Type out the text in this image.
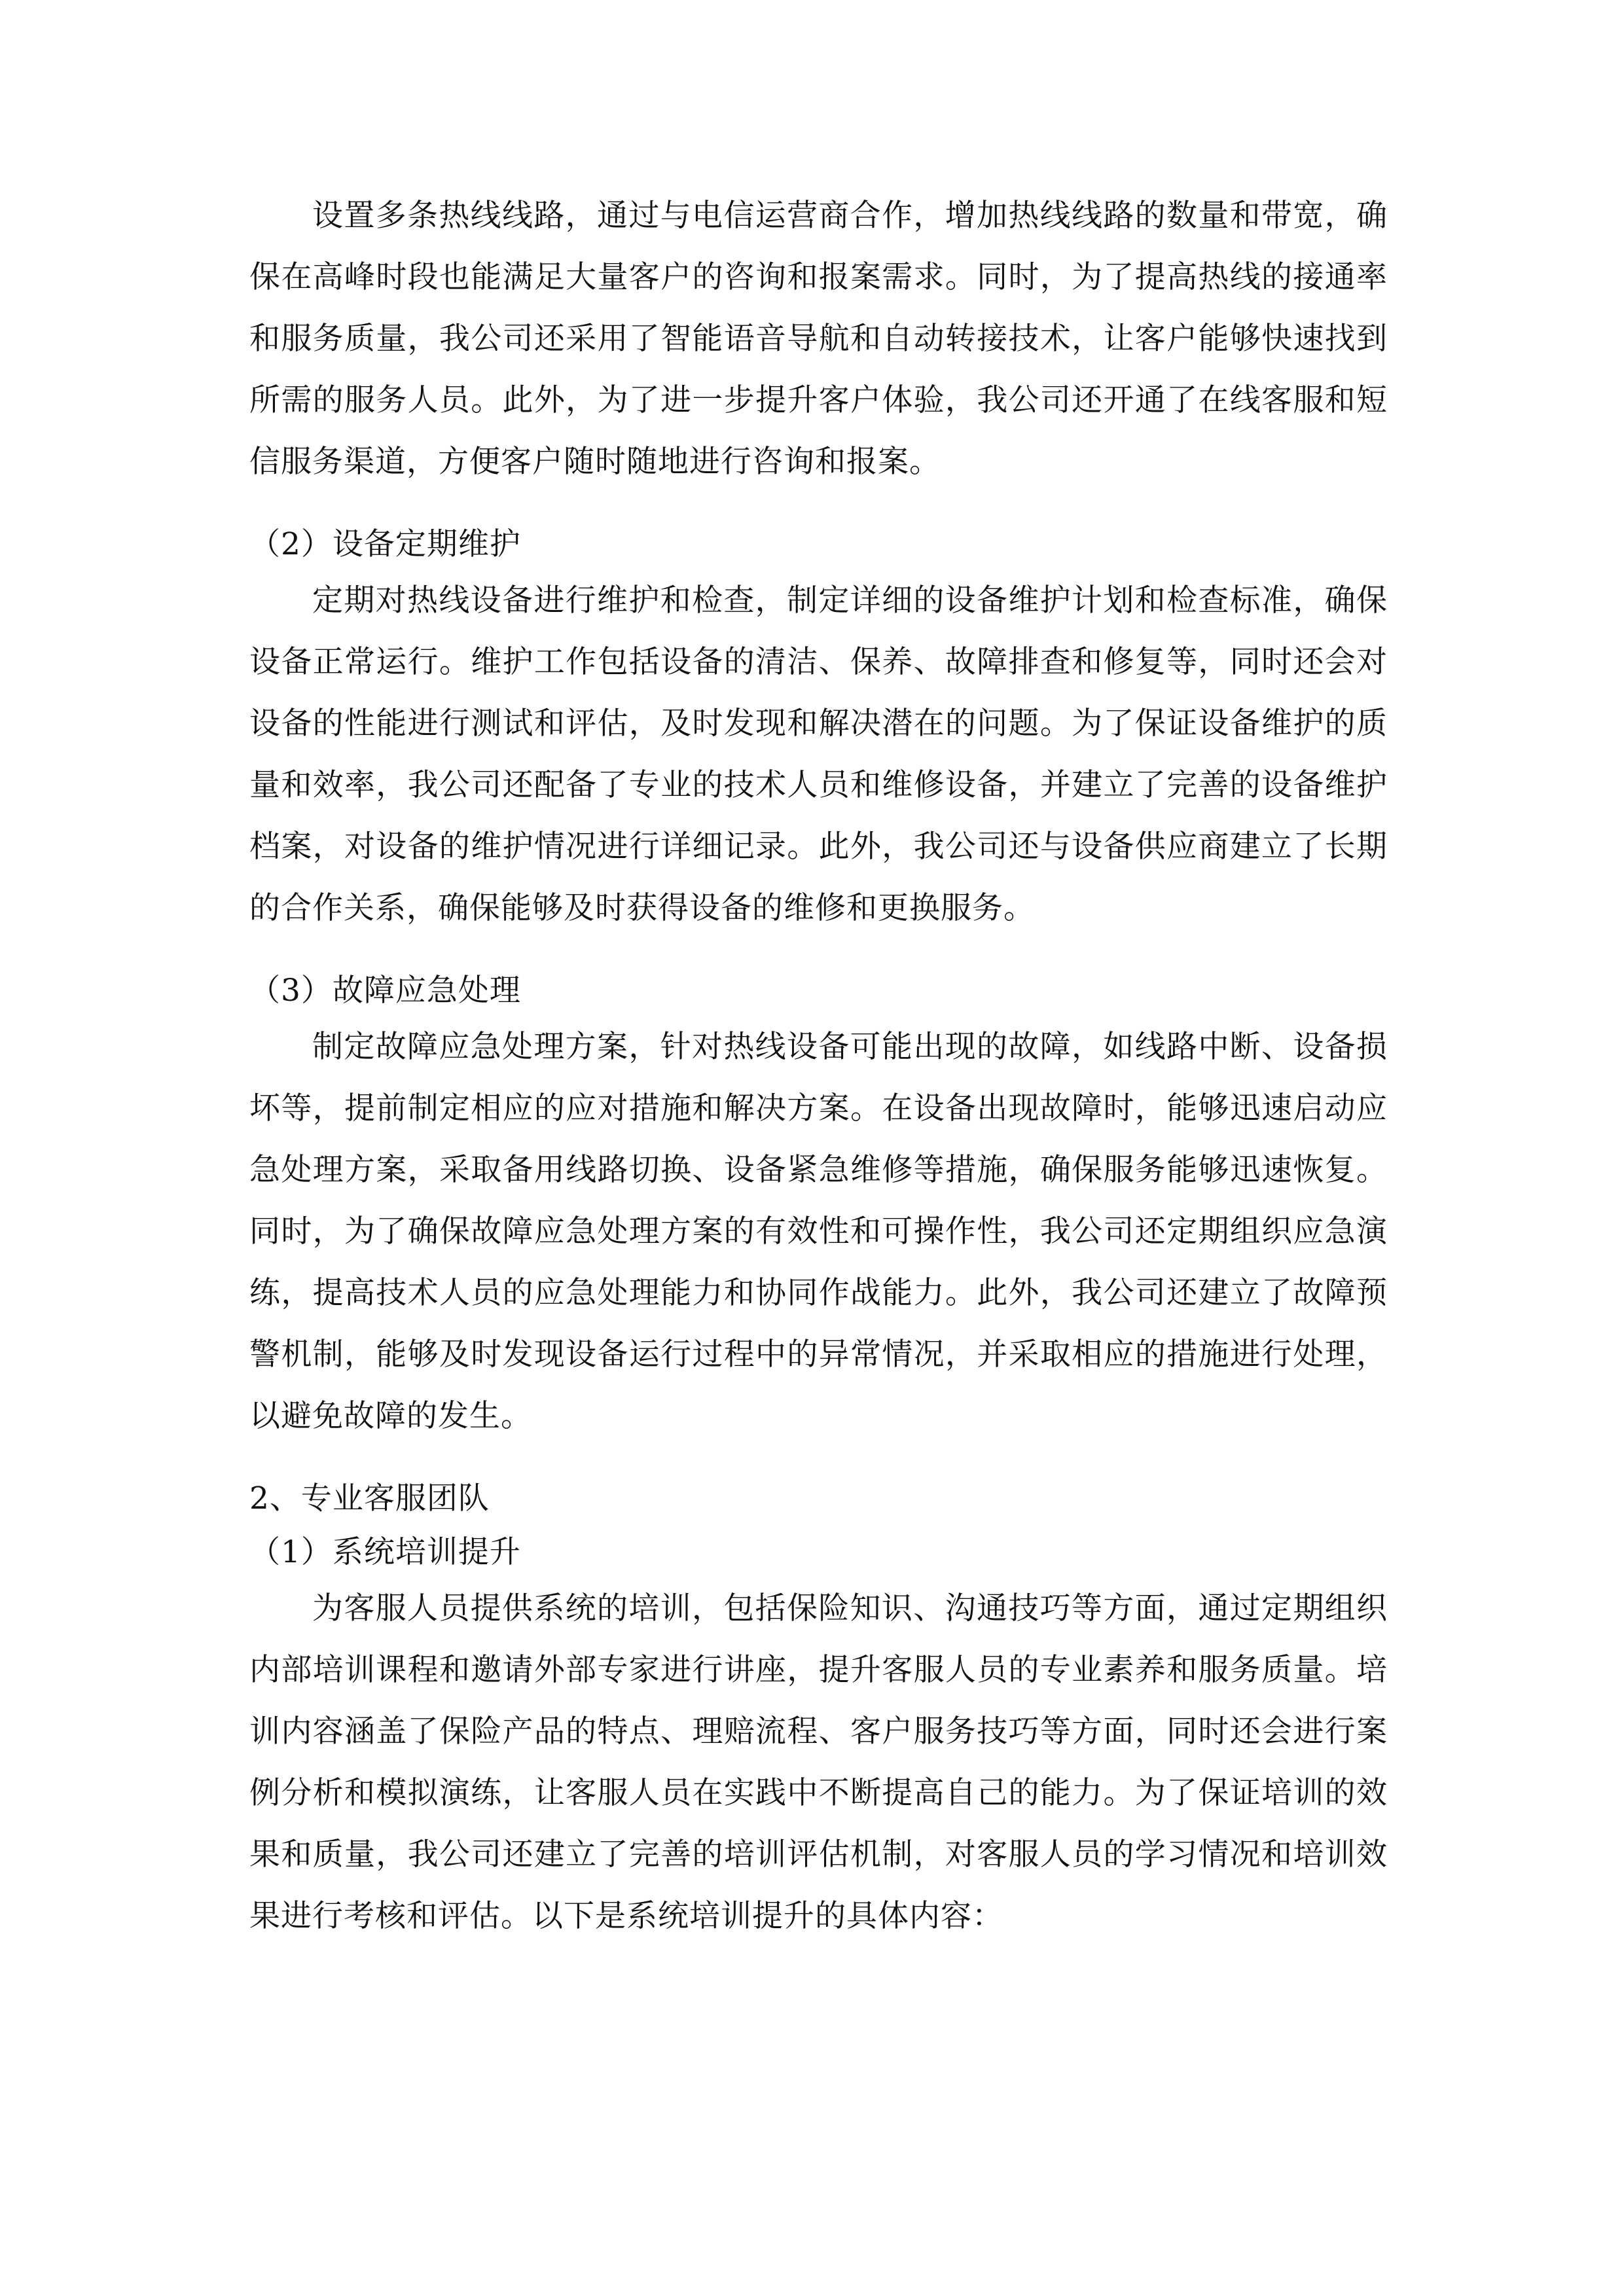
设置多条热线线路，通过与电信运营商合作，增加热线线路的数量和带宽，确保在高峰时段也能满足大量客户的咨询和报案需求。同时，为了提高热线的接通率和服务质量，我公司还采用了智能语音导航和自动转接技术，让客户能够快速找到所需的服务人员。此外，为了进一步提升客户体验，我公司还开通了在线客服和短信服务渠道，方便客户随时随地进行咨询和报案。

（2）设备定期维护

定期对热线设备进行维护和检查，制定详细的设备维护计划和检查标准，确保设备正常运行。维护工作包括设备的清洁、保养、故障排查和修复等，同时还会对设备的性能进行测试和评估，及时发现和解决潜在的问题。为了保证设备维护的质量和效率，我公司还配备了专业的技术人员和维修设备，并建立了完善的设备维护档案，对设备的维护情况进行详细记录。此外，我公司还与设备供应商建立了长期的合作关系，确保能够及时获得设备的维修和更换服务。

（3）故障应急处理

制定故障应急处理方案，针对热线设备可能出现的故障，如线路中断、设备损坏等，提前制定相应的应对措施和解决方案。在设备出现故障时，能够迅速启动应急处理方案，采取备用线路切换、设备紧急维修等措施，确保服务能够迅速恢复。同时，为了确保故障应急处理方案的有效性和可操作性，我公司还定期组织应急演练，提高技术人员的应急处理能力和协同作战能力。此外，我公司还建立了故障预警机制，能够及时发现设备运行过程中的异常情况，并采取相应的措施进行处理，以避免故障的发生。

2、专业客服团队

（1）系统培训提升

为客服人员提供系统的培训，包括保险知识、沟通技巧等方面，通过定期组织内部培训课程和邀请外部专家进行讲座，提升客服人员的专业素养和服务质量。培训内容涵盖了保险产品的特点、理赔流程、客户服务技巧等方面，同时还会进行案例分析和模拟演练，让客服人员在实践中不断提高自己的能力。为了保证培训的效果和质量，我公司还建立了完善的培训评估机制，对客服人员的学习情况和培训效果进行考核和评估。以下是系统培训提升的具体内容：
